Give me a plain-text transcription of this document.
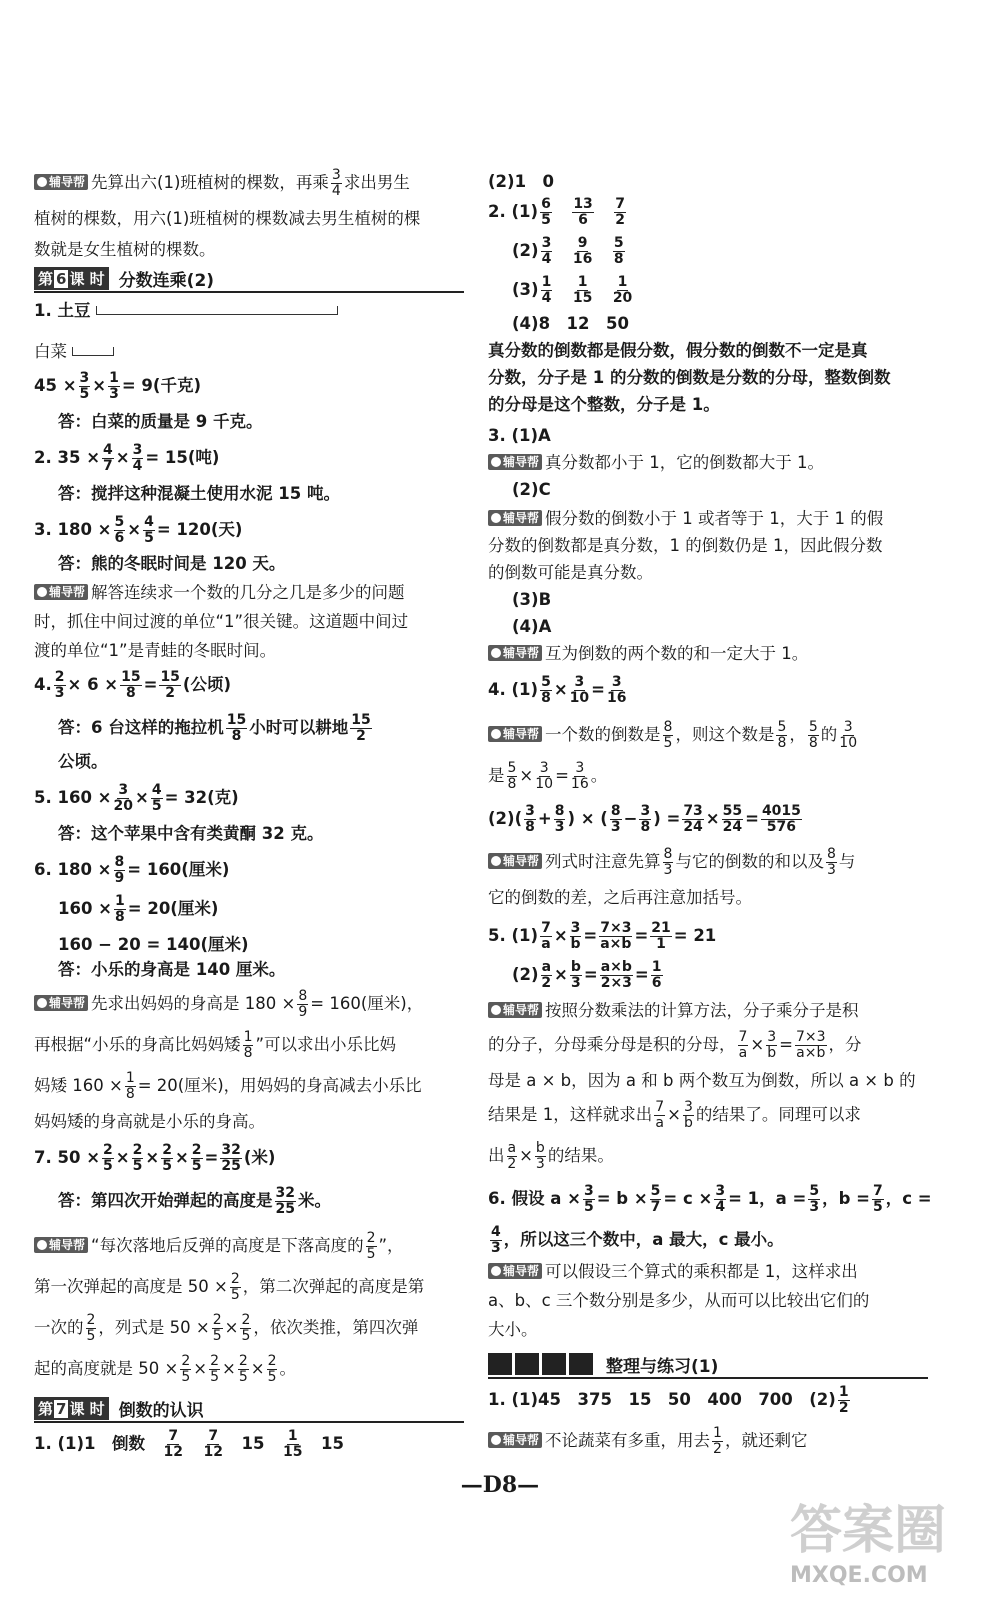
辅导帮 先算出六(1)班植树的棵数，再乘 $\frac{3}{4}$ 求出男生
植树的棵数，用六(1)班植树的棵数减去男生植树的棵
数就是女生植树的棵数。
第 6 课 时 分数连乘(2)
1. 土豆
白菜
$45 \times \frac{3}{5} \times \frac{1}{3} = 9$(千克)
答：白菜的质量是 9 千克。
2. $35 \times \frac{4}{7} \times \frac{3}{4} = 15$(吨)
答：搅拌这种混凝土使用水泥 15 吨。
3. $180 \times \frac{5}{6} \times \frac{4}{5} = 120$(天)
答：熊的冬眠时间是 120 天。
辅导帮 解答连续求一个数的几分之几是多少的问题
时，抓住中间过渡的单位“1”很关键。这道题中间过
渡的单位“1”是青蛙的冬眠时间。
4. $\frac{2}{3} \times 6 \times \frac{15}{8} = \frac{15}{2}$ (公顷)
答：6 台这样的拖拉机 $\frac{15}{8}$ 小时可以耕地 $\frac{15}{2}$
公顷。
5. $160 \times \frac{3}{20} \times \frac{4}{5} = 32$(克)
答：这个苹果中含有类黄酮 32 克。
6. $180 \times \frac{8}{9} = 160$(厘米)
$160 \times \frac{1}{8} = 20$(厘米)
160 − 20 = 140(厘米)
答：小乐的身高是 140 厘米。
辅导帮 先求出妈妈的身高是 $180 \times \frac{8}{9} = 160$(厘米)，
再根据“小乐的身高比妈妈矮 $\frac{1}{8}$ ”可以求出小乐比妈
妈矮 $160 \times \frac{1}{8} = 20$(厘米)，用妈妈的身高减去小乐比
妈妈矮的身高就是小乐的身高。
7. $50 \times \frac{2}{5} \times \frac{2}{5} \times \frac{2}{5} \times \frac{2}{5} = \frac{32}{25}$ (米)
答：第四次开始弹起的高度是 $\frac{32}{25}$ 米。
辅导帮 “每次落地后反弹的高度是下落高度的 $\frac{2}{5}$ ”，
第一次弹起的高度是 $50 \times \frac{2}{5}$ ，第二次弹起的高度是第
一次的 $\frac{2}{5}$ ，列式是 $50 \times \frac{2}{5} \times \frac{2}{5}$ ，依次类推，第四次弹
起的高度就是 $50 \times \frac{2}{5} \times \frac{2}{5} \times \frac{2}{5} \times \frac{2}{5}$ 。
第 7 课 时 倒数的认识
1. (1)1　 倒数　 $\frac{7}{12}$
　 $\frac{7}{12}$
　 15　 $\frac{1}{15}$
　 15
(2)1　0
2. $(1) \frac{6}{5}$
　 $\frac{13}{6}$
　 $\frac{7}{2}$
$(2) \frac{3}{4}$
　 $\frac{9}{16}$
　 $\frac{5}{8}$
$(3) \frac{1}{4}$
　 $\frac{1}{15}$
　 $\frac{1}{20}$
(4)8　12　50
真分数的倒数都是假分数，假分数的倒数不一定是真
分数，分子是 1 的分数的倒数是分数的分母，整数倒数
的分母是这个整数，分子是 1。
3. (1)A
辅导帮 真分数都小于 1，它的倒数都大于 1。
(2)C
辅导帮 假分数的倒数小于 1 或者等于 1，大于 1 的假
分数的倒数都是真分数，1 的倒数仍是 1，因此假分数
的倒数可能是真分数。
(3)B
(4)A
辅导帮 互为倒数的两个数的和一定大于 1。
4. $(1) \frac{5}{8} \times \frac{3}{10} = \frac{3}{16}$
辅导帮 一个数的倒数是 $\frac{8}{5}$ ，则这个数是 $\frac{5}{8}$ ， $\frac{5}{8}$ 的 $\frac{3}{10}$
是 $\frac{5}{8} \times \frac{3}{10} = \frac{3}{16}$ 。
$(2)( \frac{3}{8} + \frac{8}{3}$ ) × ( $\frac{8}{3} - \frac{3}{8}$ ) = $\frac{73}{24} \times \frac{55}{24} = \frac{4015}{576}$
辅导帮 列式时注意先算 $\frac{8}{3}$ 与它的倒数的和以及 $\frac{8}{3}$ 与
它的倒数的差，之后再注意加括号。
5. $(1) \frac{7}{a} \times \frac{3}{b} = \frac{7\times 3}{a\times b} = \frac{21}{1} = 21$
$(2) \frac{a}{2} \times \frac{b}{3} = \frac{a\times b}{2\times 3} = \frac{1}{6}$
辅导帮 按照分数乘法的计算方法，分子乘分子是积
的分子，分母乘分母是积的分母， $\frac{7}{a} \times \frac{3}{b} = \frac{7\times 3}{a\times b}$ ，分
母是 a × b，因为 a 和 b 两个数互为倒数，所以 a × b 的
结果是 1，这样就求出 $\frac{7}{a} \times \frac{3}{b}$ 的结果了。同理可以求
出 $\frac{a}{2} \times \frac{b}{3}$ 的结果。
6. 假设 $a \times \frac{3}{5} = b \times \frac{5}{7} = c \times \frac{3}{4} = 1$，$a = \frac{5}{3}$ ，$b = \frac{7}{5}$ ，c =
$\frac{4}{3}$ ，所以这三个数中，a 最大，c 最小。
辅导帮 可以假设三个算式的乘积都是 1，这样求出
a、b、c 三个数分别是多少，从而可以比较出它们的
大小。
整理与练习(1)
1. (1)45　375　15　50　400　700　$(2) \frac{1}{2}$
辅导帮 不论蔬菜有多重，用去 $\frac{1}{2}$ ，就还剩它
—D8—
答案圈
MXQE.COM
